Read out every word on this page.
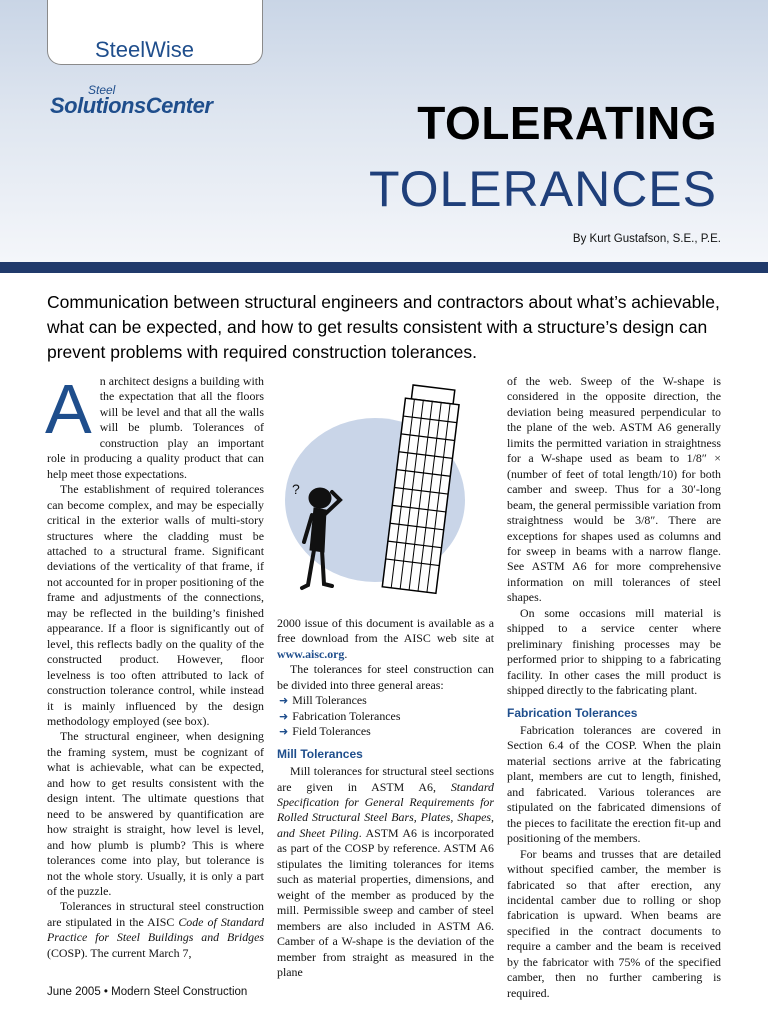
SteelWise
Steel
SolutionsCenter	TOLERATING
TOLERANCES
By Kurt Gustafson, S.E., P.E.
Communication between structural engineers and contractors about what’s achievable, what can be expected, and how to get results consistent with a structure’s design can prevent problems with required construction tolerances.

An architect designs a building with the expectation that all the floors will be level and that all the walls will be plumb. Tolerances of construction play an important role in producing a quality product that can help meet those expectations.

The establishment of required tolerances can become complex, and may be especially critical in the exterior walls of multi-story structures where the cladding must be attached to a structural frame. Significant deviations of the verticality of that frame, if not accounted for in proper positioning of the frame and adjustments of the connections, may be reflected in the building’s finished appearance. If a floor is significantly out of level, this reflects badly on the quality of the constructed product. However, floor levelness is too often attributed to lack of construction tolerance control, while instead it is mainly influenced by the design methodology employed (see box).

The structural engineer, when designing the framing system, must be cognizant of what is achievable, what can be expected, and how to get results consistent with the design intent. The ultimate questions that need to be answered by quantification are how straight is straight, how level is level, and how plumb is plumb? This is where tolerances come into play, but tolerance is not the whole story. Usually, it is only a part of the puzzle.

Tolerances in structural steel construction are stipulated in the AISC Code of Standard Practice for Steel Buildings and Bridges (COSP). The current March 7,

?

2000 issue of this document is available as a free download from the AISC web site at www.aisc.org.

The tolerances for steel construction can be divided into three general areas:

➜ Mill Tolerances
➜ Fabrication Tolerances
➜ Field Tolerances
Mill Tolerances

Mill tolerances for structural steel sections are given in ASTM A6, Standard Specification for General Requirements for Rolled Structural Steel Bars, Plates, Shapes, and Sheet Piling. ASTM A6 is incorporated as part of the COSP by reference. ASTM A6 stipulates the limiting tolerances for items such as material properties, dimensions, and weight of the member as produced by the mill. Permissible sweep and camber of steel members are also included in ASTM A6. Camber of a W-shape is the deviation of the member from straight as measured in the plane

of the web. Sweep of the W-shape is considered in the opposite direction, the deviation being measured perpendicular to the plane of the web. ASTM A6 generally limits the permitted variation in straightness for a W-shape used as beam to 1/8″ × (number of feet of total length/10) for both camber and sweep. Thus for a 30′-long beam, the general permissible variation from straightness would be 3/8″. There are exceptions for shapes used as columns and for sweep in beams with a narrow flange. See ASTM A6 for more comprehensive information on mill tolerances of steel shapes.

On some occasions mill material is shipped to a service center where preliminary finishing processes may be performed prior to shipping to a fabricating facility. In other cases the mill product is shipped directly to the fabricating plant.

Fabrication Tolerances

Fabrication tolerances are covered in Section 6.4 of the COSP. When the plain material sections arrive at the fabricating plant, members are cut to length, finished, and fabricated. Various tolerances are stipulated on the fabricated dimensions of the pieces to facilitate the erection fit-up and positioning of the members.

For beams and trusses that are detailed without specified camber, the member is fabricated so that after erection, any incidental camber due to rolling or shop fabrication is upward. When beams are specified in the contract documents to require a camber and the beam is received by the fabricator with 75% of the specified camber, then no further cambering is required.

June 2005 • Modern Steel Construction
